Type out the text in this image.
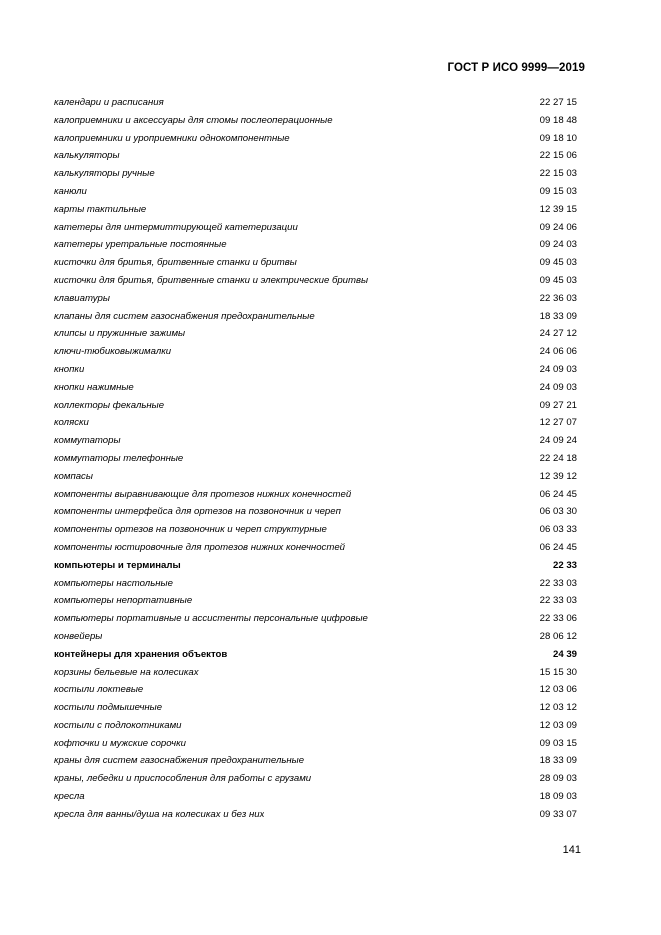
ГОСТ Р ИСО 9999—2019
календари и расписания	22 27 15
калоприемники и аксессуары для стомы послеоперационные	09 18 48
калоприемники и уроприемники однокомпонентные	09 18 10
калькуляторы	22 15 06
калькуляторы ручные	22 15 03
канюли	09 15 03
карты тактильные	12 39 15
катетеры для интермиттирующей катетеризации	09 24 06
катетеры уретральные постоянные	09 24 03
кисточки для бритья, бритвенные станки и бритвы	09 45 03
кисточки для бритья, бритвенные станки и электрические бритвы	09 45 03
клавиатуры	22 36 03
клапаны для систем газоснабжения предохранительные	18 33 09
клипсы и пружинные зажимы	24 27 12
ключи-тюбиковыжималки	24 06 06
кнопки	24 09 03
кнопки нажимные	24 09 03
коллекторы фекальные	09 27 21
коляски	12 27 07
коммутаторы	24 09 24
коммутаторы телефонные	22 24 18
компасы	12 39 12
компоненты выравнивающие для протезов нижних конечностей	06 24 45
компоненты интерфейса для ортезов на позвоночник и череп	06 03 30
компоненты ортезов на позвоночник и череп структурные	06 03 33
компоненты юстировочные для протезов нижних конечностей	06 24 45
компьютеры и терминалы	22 33
компьютеры настольные	22 33 03
компьютеры непортативные	22 33 03
компьютеры портативные и ассистенты персональные цифровые	22 33 06
конвейеры	28 06 12
контейнеры для хранения объектов	24 39
корзины бельевые на колесиках	15 15 30
костыли локтевые	12 03 06
костыли подмышечные	12 03 12
костыли с подлокотниками	12 03 09
кофточки и мужские сорочки	09 03 15
краны для систем газоснабжения предохранительные	18 33 09
краны, лебедки и приспособления для работы с грузами	28 09 03
кресла	18 09 03
кресла для ванны/душа на колесиках и без них	09 33 07
141
